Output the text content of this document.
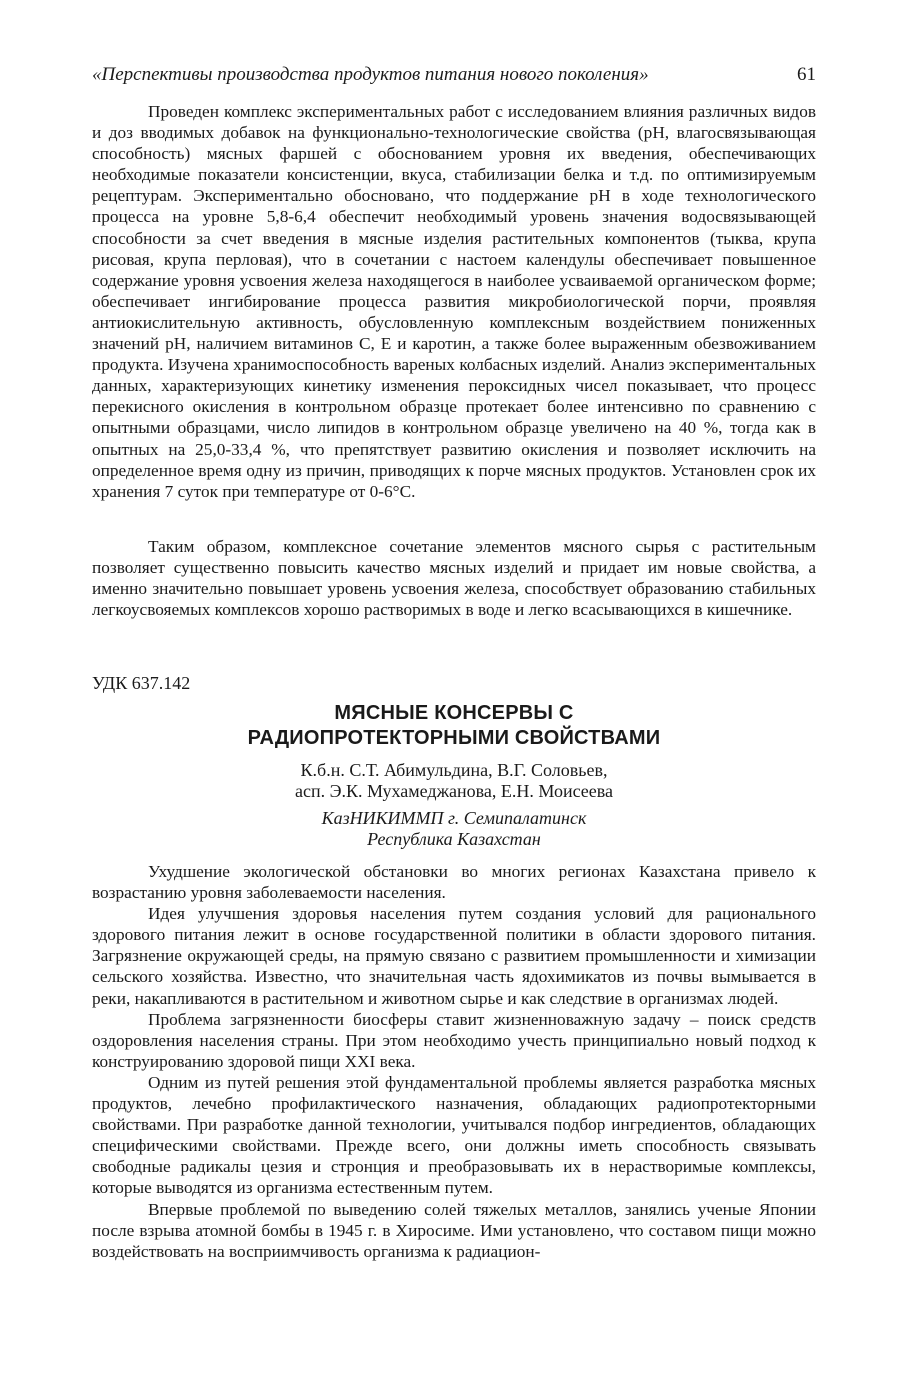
«Перспективы производства продуктов питания нового поколения»	61

Проведен комплекс экспериментальных работ с исследованием влияния различных видов и доз вводимых добавок на функционально-технологические свойства (рН, влагосвязывающая способность) мясных фаршей с обоснованием уровня их введения, обеспечивающих необходимые показатели консистенции, вкуса, стабилизации белка и т.д. по оптимизируемым рецептурам. Экспериментально обосновано, что поддержание рН в ходе технологического процесса на уровне 5,8-6,4 обеспечит необходимый уровень значения водосвязывающей способности за счет введения в мясные изделия растительных компонентов (тыква, крупа рисовая, крупа перловая), что в сочетании с настоем календулы обеспечивает повышенное содержание уровня усвоения железа находящегося в наиболее усваиваемой органическом форме; обеспечивает ингибирование процесса развития микробиологической порчи, проявляя антиокислительную активность, обусловленную комплексным воздействием пониженных значений рН, наличием витаминов С, Е и каротин, а также более выраженным обезвоживанием продукта. Изучена хранимоспособность вареных колбасных изделий. Анализ экспериментальных данных, характеризующих кинетику изменения пероксидных чисел показывает, что процесс перекисного окисления в контрольном образце протекает более интенсивно по сравнению с опытными образцами, число липидов в контрольном образце увеличено на 40 %, тогда как в опытных на 25,0-33,4 %, что препятствует развитию окисления и позволяет исключить на определенное время одну из причин, приводящих к порче мясных продуктов. Установлен срок их хранения 7 суток при температуре от 0-6°С.

Таким образом, комплексное сочетание элементов мясного сырья с растительным позволяет существенно повысить качество мясных изделий и придает им новые свойства, а именно значительно повышает уровень усвоения железа, способствует образованию стабильных легкоусвояемых комплексов хорошо растворимых в воде и легко всасывающихся в кишечнике.

УДК 637.142
МЯСНЫЕ КОНСЕРВЫ С
РАДИОПРОТЕКТОРНЫМИ СВОЙСТВАМИ
К.б.н. С.Т. Абимульдина, В.Г. Соловьев,
асп. Э.К. Мухамеджанова, Е.Н. Моисеева
КазНИКИММП г. Семипалатинск
Республика Казахстан

Ухудшение экологической обстановки во многих регионах Казахстана привело к возрастанию уровня заболеваемости населения.

Идея улучшения здоровья населения путем создания условий для рационального здорового питания лежит в основе государственной политики в области здорового питания. Загрязнение окружающей среды, на прямую связано с развитием промышленности и химизации сельского хозяйства. Известно, что значительная часть ядохимикатов из почвы вымывается в реки, накапливаются в растительном и животном сырье и как следствие в организмах людей.

Проблема загрязненности биосферы ставит жизненноважную задачу – поиск средств оздоровления населения страны. При этом необходимо учесть принципиально новый подход к конструированию здоровой пищи XXI века.

Одним из путей решения этой фундаментальной проблемы является разработка мясных продуктов, лечебно профилактического назначения, обладающих радиопротекторными свойствами. При разработке данной технологии, учитывался подбор ингредиентов, обладающих специфическими свойствами. Прежде всего, они должны иметь способность связывать свободные радикалы цезия и стронция и преобразовывать их в нерастворимые комплексы, которые выводятся из организма естественным путем.

Впервые проблемой по выведению солей тяжелых металлов, занялись ученые Японии после взрыва атомной бомбы в 1945 г. в Хиросиме. Ими установлено, что составом пищи можно воздействовать на восприимчивость организма к радиацион-
